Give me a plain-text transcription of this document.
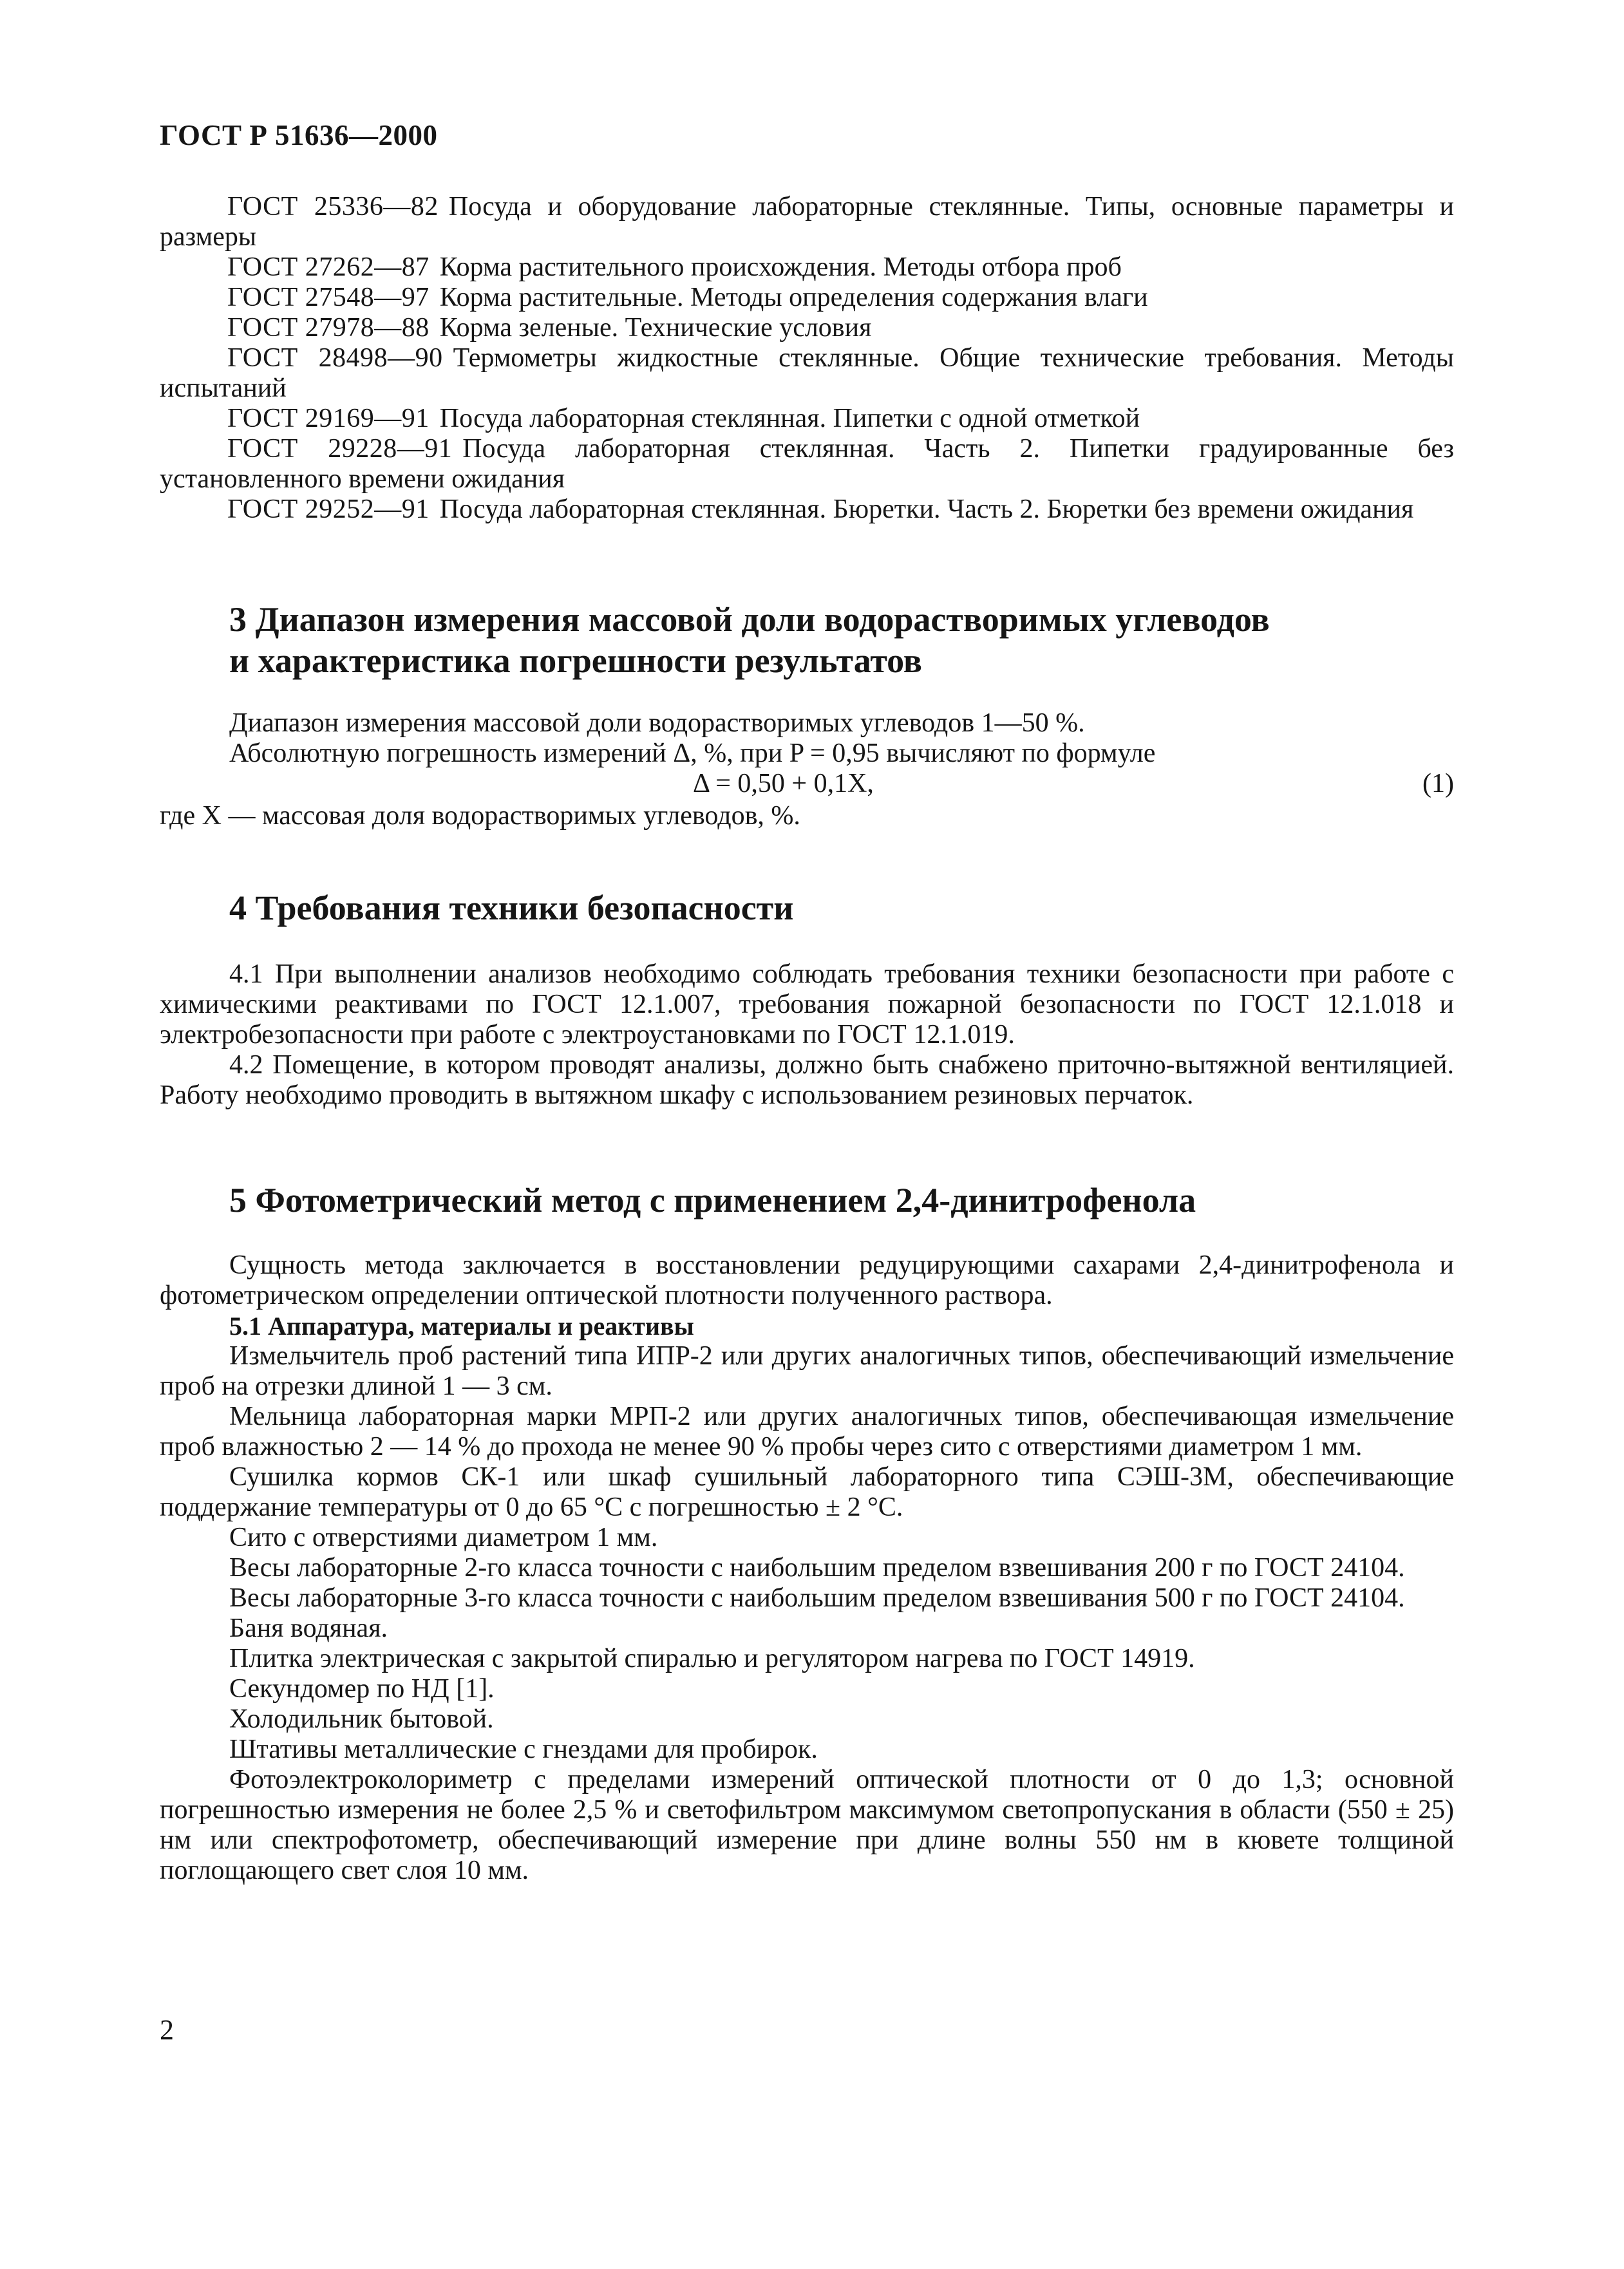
ГОСТ Р 51636—2000
ГОСТ 25336—82 Посуда и оборудование лабораторные стеклянные. Типы, основные параметры и размеры
ГОСТ 27262—87 Корма растительного происхождения. Методы отбора проб
ГОСТ 27548—97 Корма растительные. Методы определения содержания влаги
ГОСТ 27978—88 Корма зеленые. Технические условия
ГОСТ 28498—90 Термометры жидкостные стеклянные. Общие технические требования. Методы испытаний
ГОСТ 29169—91 Посуда лабораторная стеклянная. Пипетки с одной отметкой
ГОСТ 29228—91 Посуда лабораторная стеклянная. Часть 2. Пипетки градуированные без установленного времени ожидания
ГОСТ 29252—91 Посуда лабораторная стеклянная. Бюретки. Часть 2. Бюретки без времени ожидания
3 Диапазон измерения массовой доли водорастворимых углеводов
и характеристика погрешности результатов
Диапазон измерения массовой доли водорастворимых углеводов 1—50 %.
Абсолютную погрешность измерений Δ, %, при P = 0,95 вычисляют по формуле
Δ = 0,50 + 0,1X,	(1)
где X — массовая доля водорастворимых углеводов, %.
4 Требования техники безопасности
4.1 При выполнении анализов необходимо соблюдать требования техники безопасности при работе с химическими реактивами по ГОСТ 12.1.007, требования пожарной безопасности по ГОСТ 12.1.018 и электробезопасности при работе с электроустановками по ГОСТ 12.1.019.
4.2 Помещение, в котором проводят анализы, должно быть снабжено приточно-вытяжной вентиляцией. Работу необходимо проводить в вытяжном шкафу с использованием резиновых перчаток.
5 Фотометрический метод с применением 2,4-динитрофенола
Сущность метода заключается в восстановлении редуцирующими сахарами 2,4-динитрофенола и фотометрическом определении оптической плотности полученного раствора.
5.1 Аппаратура, материалы и реактивы
Измельчитель проб растений типа ИПР-2 или других аналогичных типов, обеспечивающий измельчение проб на отрезки длиной 1 — 3 см.
Мельница лабораторная марки МРП-2 или других аналогичных типов, обеспечивающая измельчение проб влажностью 2 — 14 % до прохода не менее 90 % пробы через сито с отверстиями диаметром 1 мм.
Сушилка кормов СК-1 или шкаф сушильный лабораторного типа СЭШ-3М, обеспечивающие поддержание температуры от 0 до 65 °С с погрешностью ± 2 °С.
Сито с отверстиями диаметром 1 мм.
Весы лабораторные 2-го класса точности с наибольшим пределом взвешивания 200 г по ГОСТ 24104.
Весы лабораторные 3-го класса точности с наибольшим пределом взвешивания 500 г по ГОСТ 24104.
Баня водяная.
Плитка электрическая с закрытой спиралью и регулятором нагрева по ГОСТ 14919.
Секундомер по НД [1].
Холодильник бытовой.
Штативы металлические с гнездами для пробирок.
Фотоэлектроколориметр с пределами измерений оптической плотности от 0 до 1,3; основной погрешностью измерения не более 2,5 % и светофильтром максимумом светопропускания в области (550 ± 25) нм или спектрофотометр, обеспечивающий измерение при длине волны 550 нм в кювете толщиной поглощающего свет слоя 10 мм.
2
